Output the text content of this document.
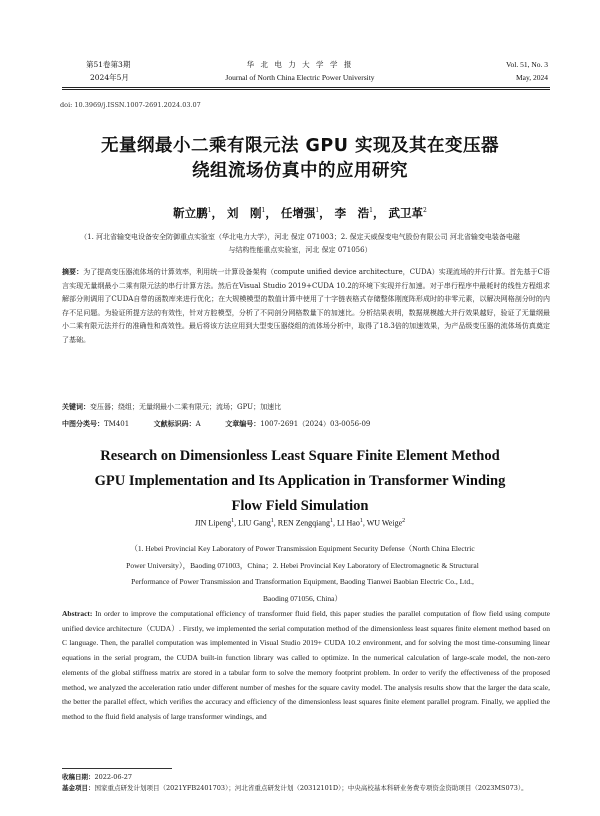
第51卷第3期
2024年5月
华 北 电 力 大 学 学 报
Journal of North China Electric Power University
Vol. 51, No. 3
May, 2024
doi: 10.3969/j.ISSN.1007-2691.2024.03.07
无量纲最小二乘有限元法 GPU 实现及其在变压器
绕组流场仿真中的应用研究
靳立鹏$^1$， 刘　刚$^1$， 任增强$^1$， 李　浩$^1$， 武卫革$^2$
（1. 河北省输变电设备安全防御重点实验室（华北电力大学），河北 保定 071003；2. 保定天威保变电气股份有限公司 河北省输变电装备电磁与结构性能重点实验室，河北 保定 071056）
摘要：为了提高变压器流体场的计算效率，利用统一计算设备架构（compute unified device architecture，CUDA）实现流场的并行计算。首先基于C语言实现无量纲最小二乘有限元法的串行计算方法。然后在Visual Studio 2019+CUDA 10.2的环境下实现并行加速。对于串行程序中最耗时的线性方程组求解部分则调用了CUDA自带的函数库来进行优化；在大规模模型的数值计算中使用了十字链表格式存储整体刚度阵形成时的非零元素，以解决网格剖分时的内存不足问题。为验证所提方法的有效性，针对方腔模型，分析了不同剖分网格数量下的加速比。分析结果表明，数据规模越大并行效果越好，验证了无量纲最小二乘有限元法并行的准确性和高效性。最后将该方法应用到大型变压器绕组的流体场分析中，取得了18.3倍的加速效果，为产品级变压器的流体场仿真奠定了基础。
关键词：变压器；绕组；无量纲最小二乘有限元；流场；GPU；加速比
中图分类号：TM401	文献标识码：A	文章编号：1007-2691（2024）03-0056-09
Research on Dimensionless Least Square Finite Element Method
GPU Implementation and Its Application in Transformer Winding
Flow Field Simulation
JIN Lipeng$^1$, LIU Gang$^1$, REN Zengqiang$^1$, LI Hao$^1$, WU Weige$^2$
（1. Hebei Provincial Key Laboratory of Power Transmission Equipment Security Defense（North China Electric
Power University），Baoding 071003，China；2. Hebei Provincial Key Laboratory of Electromagnetic & Structural
Performance of Power Transmission and Transformation Equipment, Baoding Tianwei Baobian Electric Co., Ltd.,
Baoding 071056, China）
Abstract: In order to improve the computational efficiency of transformer fluid field, this paper studies the parallel computation of flow field using compute unified device architecture（CUDA）. Firstly, we implemented the serial computation method of the dimensionless least squares finite element method based on C language. Then, the parallel computation was implemented in Visual Studio 2019+ CUDA 10.2 environment, and for solving the most time-consuming linear equations in the serial program, the CUDA built-in function library was called to optimize. In the numerical calculation of large-scale model, the non-zero elements of the global stiffness matrix are stored in a tabular form to solve the memory footprint problem. In order to verify the effectiveness of the proposed method, we analyzed the acceleration ratio under different number of meshes for the square cavity model. The analysis results show that the larger the data scale, the better the parallel effect, which verifies the accuracy and efficiency of the dimensionless least squares finite element parallel program. Finally, we applied the method to the fluid field analysis of large transformer windings, and
收稿日期：2022-06-27
基金项目：国家重点研发计划项目（2021YFB2401703）；河北省重点研发计划（20312101D）；中央高校基本科研业务费专项资金资助项目（2023MS073）。
